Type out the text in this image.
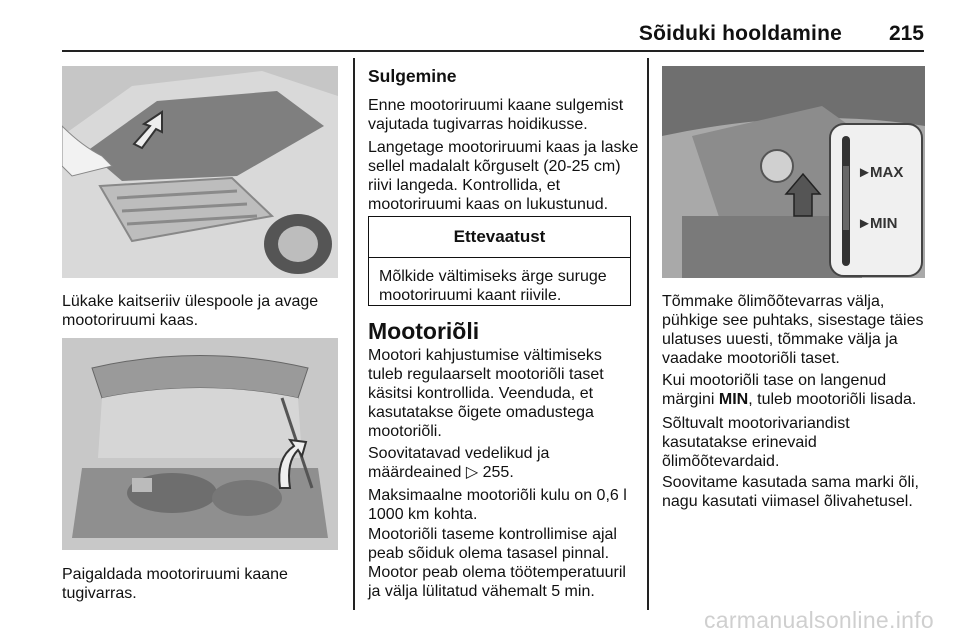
Sõiduki hooldamine 215

Lükake kaitseriiv ülespoole ja avage mootoriruumi kaas.

Paigaldada mootoriruumi kaane tugivarras.

Sulgemine

Enne mootoriruumi kaane sulgemist vajutada tugivarras hoidikusse.

Langetage mootoriruumi kaas ja laske sellel madalalt kõrguselt (20-25 cm) riivi langeda. Kontrollida, et mootoriruumi kaas on lukustunud.

Ettevaatust
Mõlkide vältimiseks ärge suruge mootoriruumi kaant riivile.
Mootoriõli

Mootori kahjustumise vältimiseks tuleb regulaarselt mootoriõli taset käsitsi kontrollida. Veenduda, et kasutatakse õigete omadustega mootoriõli.

Soovitatavad vedelikud ja määrdeained ▷ 255.

Maksimaalne mootoriõli kulu on 0,6 l 1000 km kohta.

Mootoriõli taseme kontrollimise ajal peab sõiduk olema tasasel pinnal. Mootor peab olema töötemperatuuril ja välja lülitatud vähemalt 5 min.

►
MAX
►
MIN

Tõmmake õlimõõtevarras välja, pühkige see puhtaks, sisestage täies ulatuses uuesti, tõmmake välja ja vaadake mootoriõli taset.

Kui mootoriõli tase on langenud märgini MIN, tuleb mootoriõli lisada.

Sõltuvalt mootorivariandist kasutatakse erinevaid õlimõõtevardaid.

Soovitame kasutada sama marki õli, nagu kasutati viimasel õlivahetusel.

carmanualsonline.info
